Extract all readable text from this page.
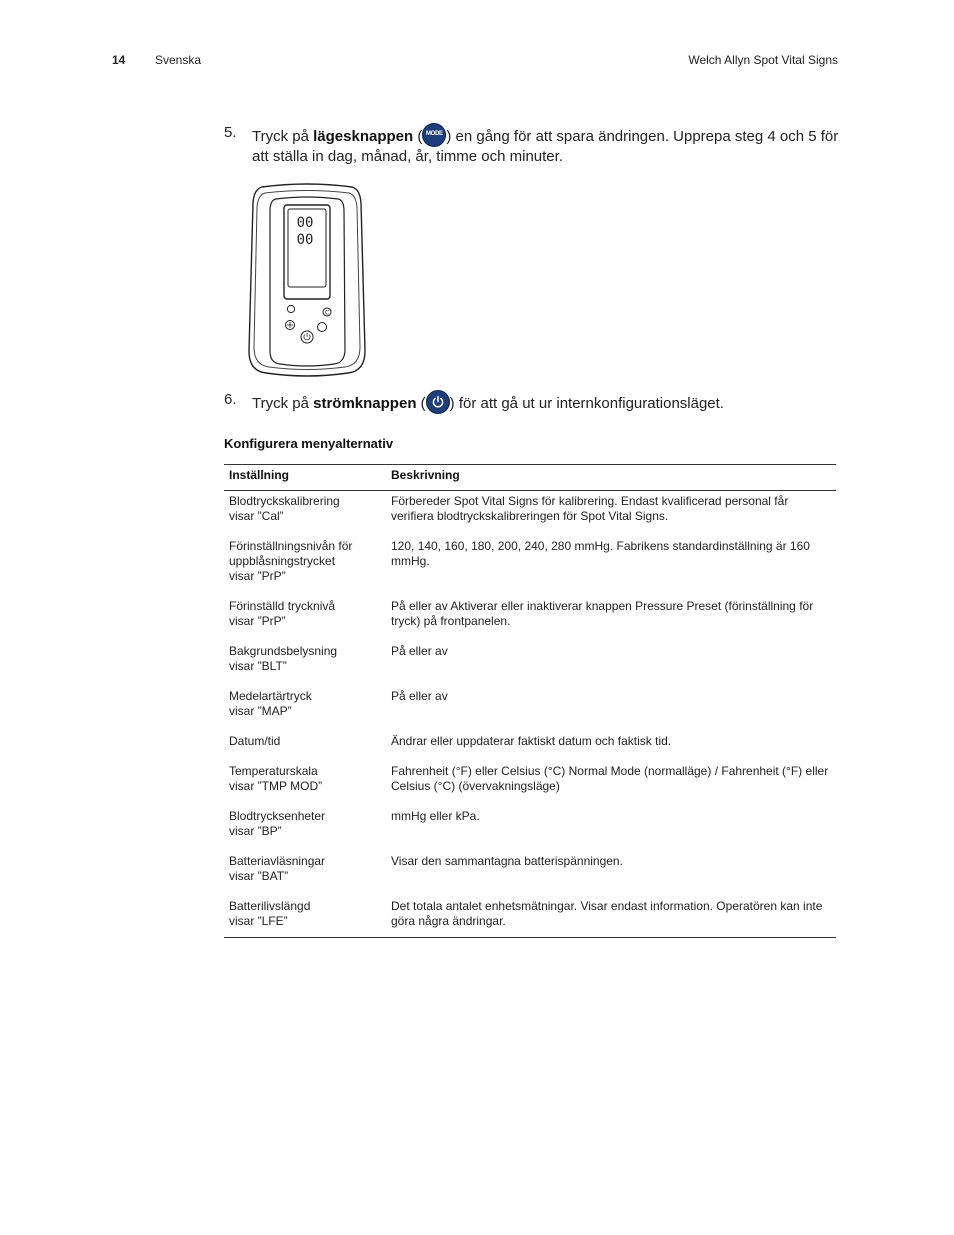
14 Svenska	Welch Allyn Spot Vital Signs
5. Tryck på lägesknappen ( MODE ) en gång för att spara ändringen. Upprepa steg 4 och 5 för att ställa in dag, månad, år, timme och minuter.
00
00
C
6. Tryck på strömknappen ( ) för att gå ut ur internkonfigurationsläget.
Konfigurera menyalternativ
Inställning	Beskrivning

Blodtryckskalibrering
visar ”Cal”	Förbereder Spot Vital Signs för kalibrering. Endast kvalificerad personal får verifiera blodtryckskalibreringen för Spot Vital Signs.

Förinställningsnivån för
uppblåsningstrycket
visar ”PrP”	120, 140, 160, 180, 200, 240, 280 mmHg. Fabrikens standardinställning är 160 mmHg.

Förinställd trycknivå
visar ”PrP”	På eller av Aktiverar eller inaktiverar knappen Pressure Preset (förinställning för tryck) på frontpanelen.

Bakgrundsbelysning
visar ”BLT”	På eller av

Medelartärtryck
visar ”MAP”	På eller av

Datum/tid	Ändrar eller uppdaterar faktiskt datum och faktisk tid.

Temperaturskala
visar ”TMP MOD”	Fahrenheit (°F) eller Celsius (°C) Normal Mode (normalläge) / Fahrenheit (°F) eller Celsius (°C) (övervakningsläge)

Blodtrycksenheter
visar ”BP”	mmHg eller kPa.

Batteriavläsningar
visar ”BAT”	Visar den sammantagna batterispänningen.

Batterilivslängd
visar ”LFE”	Det totala antalet enhetsmätningar. Visar endast information. Operatören kan inte göra några ändringar.
